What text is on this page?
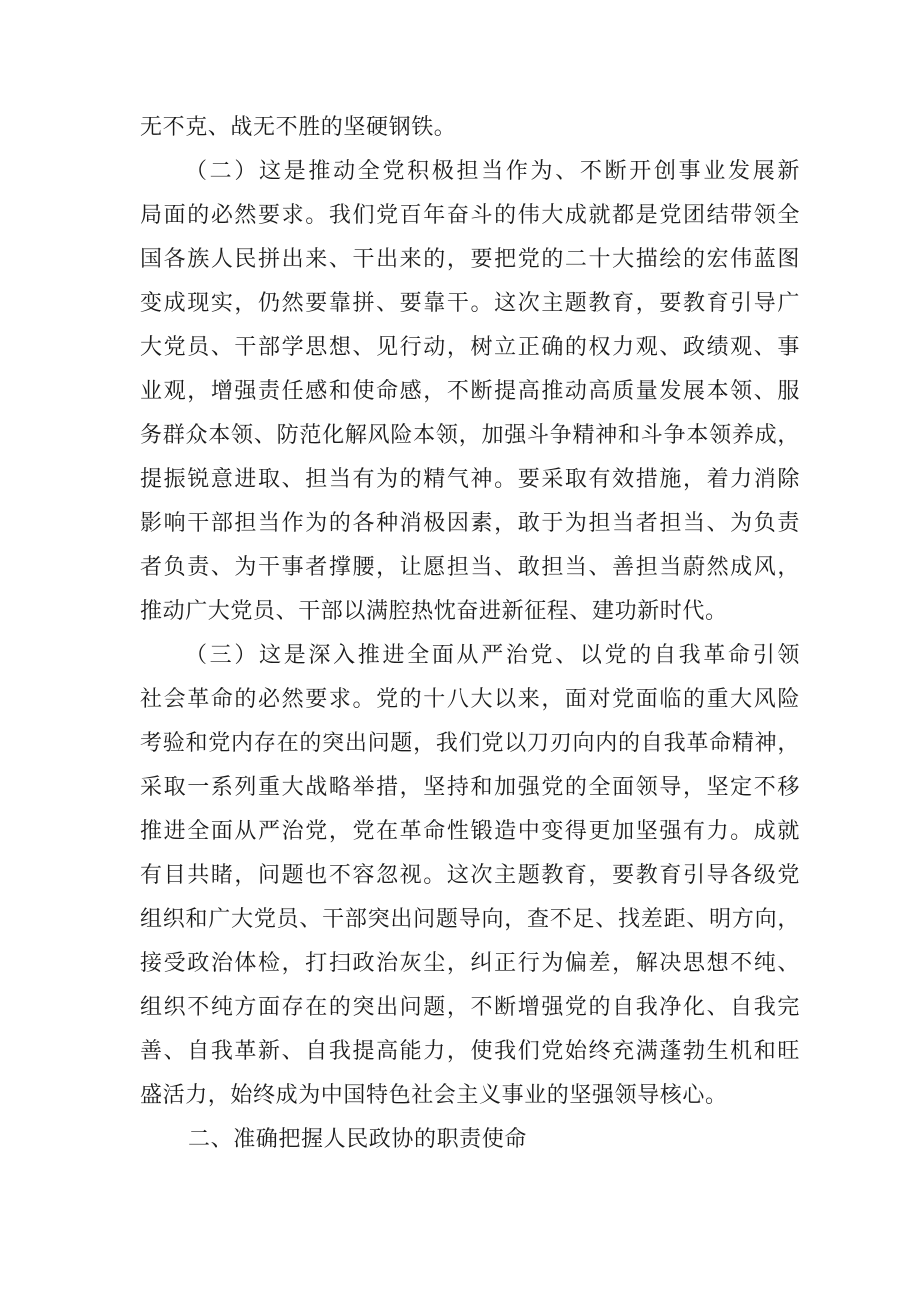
无不克、战无不胜的坚硬钢铁。
（二）这是推动全党积极担当作为、不断开创事业发展新
局面的必然要求。我们党百年奋斗的伟大成就都是党团结带领全
国各族人民拼出来、干出来的，要把党的二十大描绘的宏伟蓝图
变成现实，仍然要靠拼、要靠干。这次主题教育，要教育引导广
大党员、干部学思想、见行动，树立正确的权力观、政绩观、事
业观，增强责任感和使命感，不断提高推动高质量发展本领、服
务群众本领、防范化解风险本领，加强斗争精神和斗争本领养成，
提振锐意进取、担当有为的精气神。要采取有效措施，着力消除
影响干部担当作为的各种消极因素，敢于为担当者担当、为负责
者负责、为干事者撑腰，让愿担当、敢担当、善担当蔚然成风，
推动广大党员、干部以满腔热忱奋进新征程、建功新时代。
（三）这是深入推进全面从严治党、以党的自我革命引领
社会革命的必然要求。党的十八大以来，面对党面临的重大风险
考验和党内存在的突出问题，我们党以刀刃向内的自我革命精神，
采取一系列重大战略举措，坚持和加强党的全面领导，坚定不移
推进全面从严治党，党在革命性锻造中变得更加坚强有力。成就
有目共睹，问题也不容忽视。这次主题教育，要教育引导各级党
组织和广大党员、干部突出问题导向，查不足、找差距、明方向，
接受政治体检，打扫政治灰尘，纠正行为偏差，解决思想不纯、
组织不纯方面存在的突出问题，不断增强党的自我净化、自我完
善、自我革新、自我提高能力，使我们党始终充满蓬勃生机和旺
盛活力，始终成为中国特色社会主义事业的坚强领导核心。
二、准确把握人民政协的职责使命
